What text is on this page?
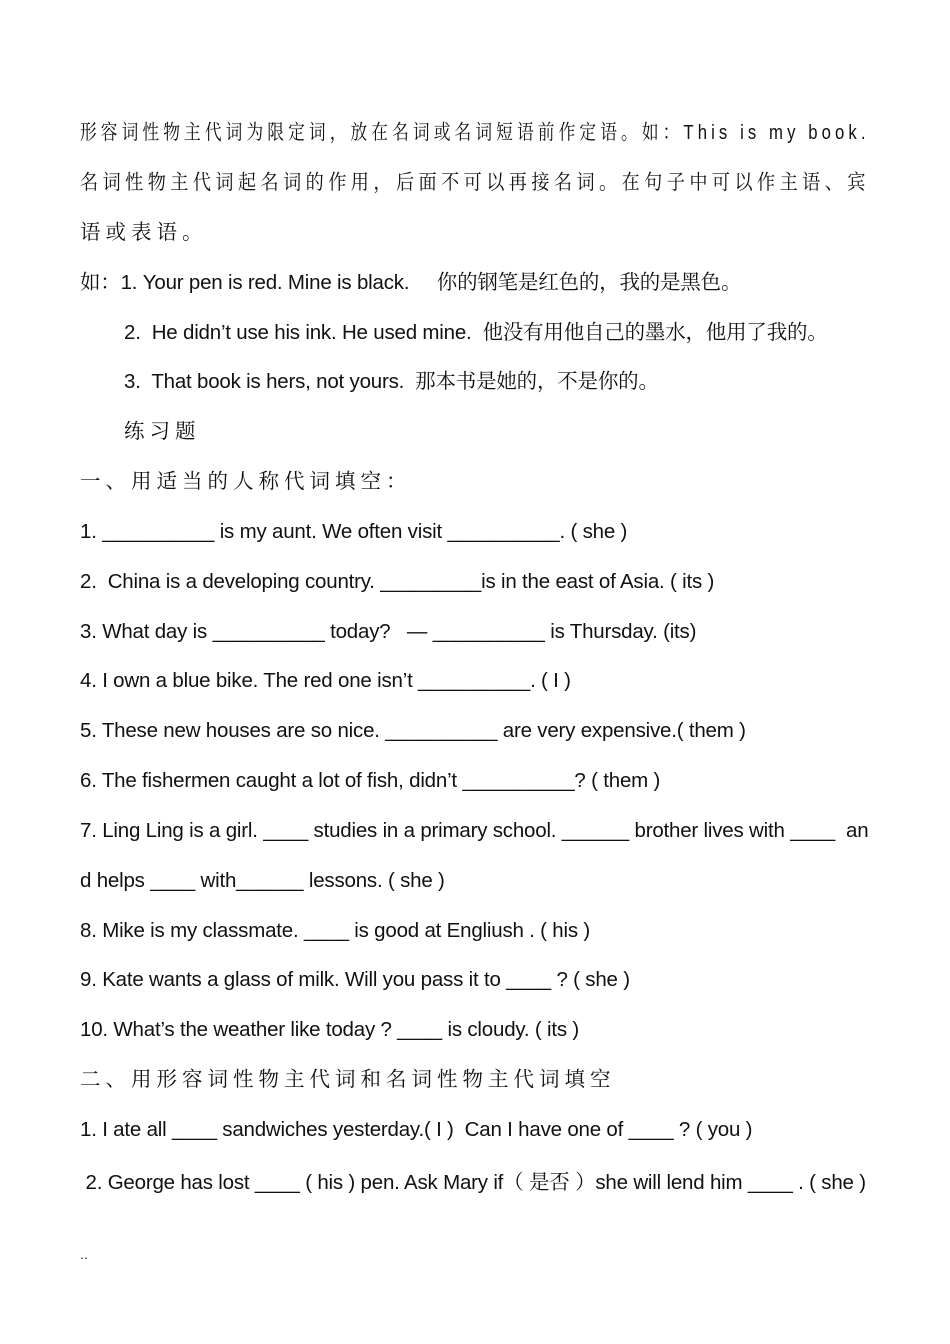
形容词性物主代词为限定词，放在名词或名词短语前作定语。如：This is my book.
名词性物主代词起名词的作用，后面不可以再接名词。在句子中可以作主语、宾
语或表语。
如：1. Your pen is red. Mine is black.     你的钢笔是红色的，我的是黑色。
2.  He didn’t use his ink. He used mine.  他没有用他自己的墨水，他用了我的。
3.  That book is hers, not yours.  那本书是她的，不是你的。
练习题
一、用适当的人称代词填空：
1. __________ is my aunt. We often visit __________. ( she )
2.  China is a developing country. _________is in the east of Asia. ( its )
3. What day is __________ today?   — __________ is Thursday. (its)
4. I own a blue bike. The red one isn’t __________. ( I )
5. These new houses are so nice. __________ are very expensive.( them )
6. The fishermen caught a lot of fish, didn’t __________? ( them )
7. Ling Ling is a girl. ____ studies in a primary school. ______ brother lives with ____  an
d helps ____ with______ lessons. ( she )
8. Mike is my classmate. ____ is good at Engliush . ( his )
9. Kate wants a glass of milk. Will you pass it to ____ ? ( she )
10. What’s the weather like today ? ____ is cloudy. ( its )
二、用形容词性物主代词和名词性物主代词填空
1. I ate all ____ sandwiches yesterday.( I )  Can I have one of ____ ? ( you )
2. George has lost ____ ( his ) pen. Ask Mary if（ 是否 ）she will lend him ____ . ( she )
..
